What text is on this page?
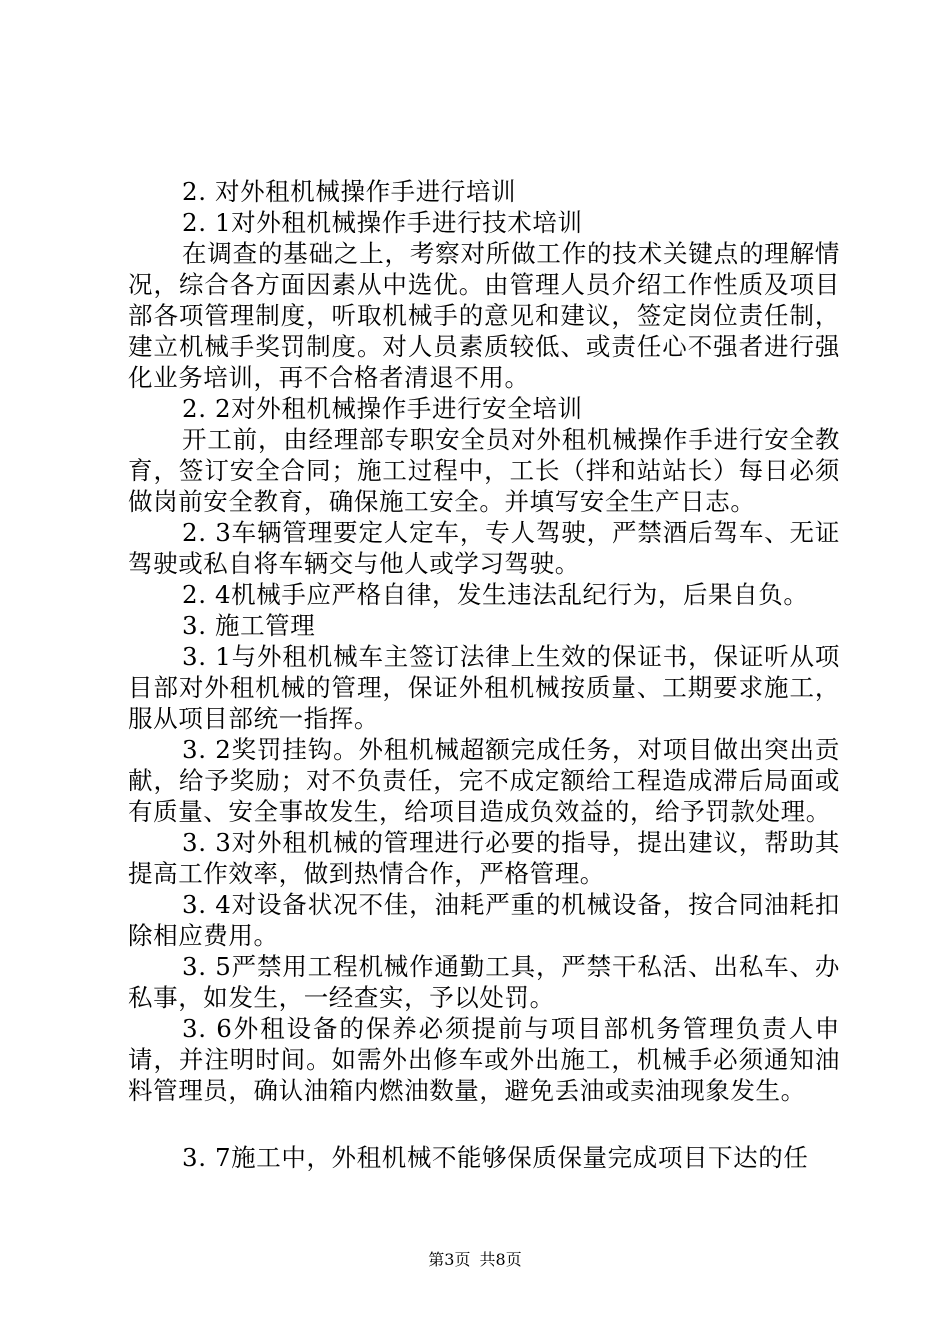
2. 对外租机械操作手进行培训

2. 1对外租机械操作手进行技术培训

在调查的基础之上，考察对所做工作的技术关键点的理解情况，综合各方面因素从中选优。由管理人员介绍工作性质及项目部各项管理制度，听取机械手的意见和建议，签定岗位责任制，建立机械手奖罚制度。对人员素质较低、或责任心不强者进行强化业务培训，再不合格者清退不用。

2. 2对外租机械操作手进行安全培训

开工前，由经理部专职安全员对外租机械操作手进行安全教育，签订安全合同；施工过程中，工长（拌和站站长）每日必须做岗前安全教育，确保施工安全。并填写安全生产日志。

2. 3车辆管理要定人定车，专人驾驶，严禁酒后驾车、无证驾驶或私自将车辆交与他人或学习驾驶。

2. 4机械手应严格自律，发生违法乱纪行为，后果自负。

3. 施工管理

3. 1与外租机械车主签订法律上生效的保证书，保证听从项目部对外租机械的管理，保证外租机械按质量、工期要求施工，服从项目部统一指挥。

3. 2奖罚挂钩。外租机械超额完成任务，对项目做出突出贡献，给予奖励；对不负责任，完不成定额给工程造成滞后局面或有质量、安全事故发生，给项目造成负效益的，给予罚款处理。

3. 3对外租机械的管理进行必要的指导，提出建议，帮助其提高工作效率，做到热情合作，严格管理。

3. 4对设备状况不佳，油耗严重的机械设备，按合同油耗扣除相应费用。

3. 5严禁用工程机械作通勤工具，严禁干私活、出私车、办私事，如发生，一经查实，予以处罚。

3. 6外租设备的保养必须提前与项目部机务管理负责人申请，并注明时间。如需外出修车或外出施工，机械手必须通知油料管理员，确认油箱内燃油数量，避免丢油或卖油现象发生。

3. 7施工中，外租机械不能够保质保量完成项目下达的任

第3页 共8页
